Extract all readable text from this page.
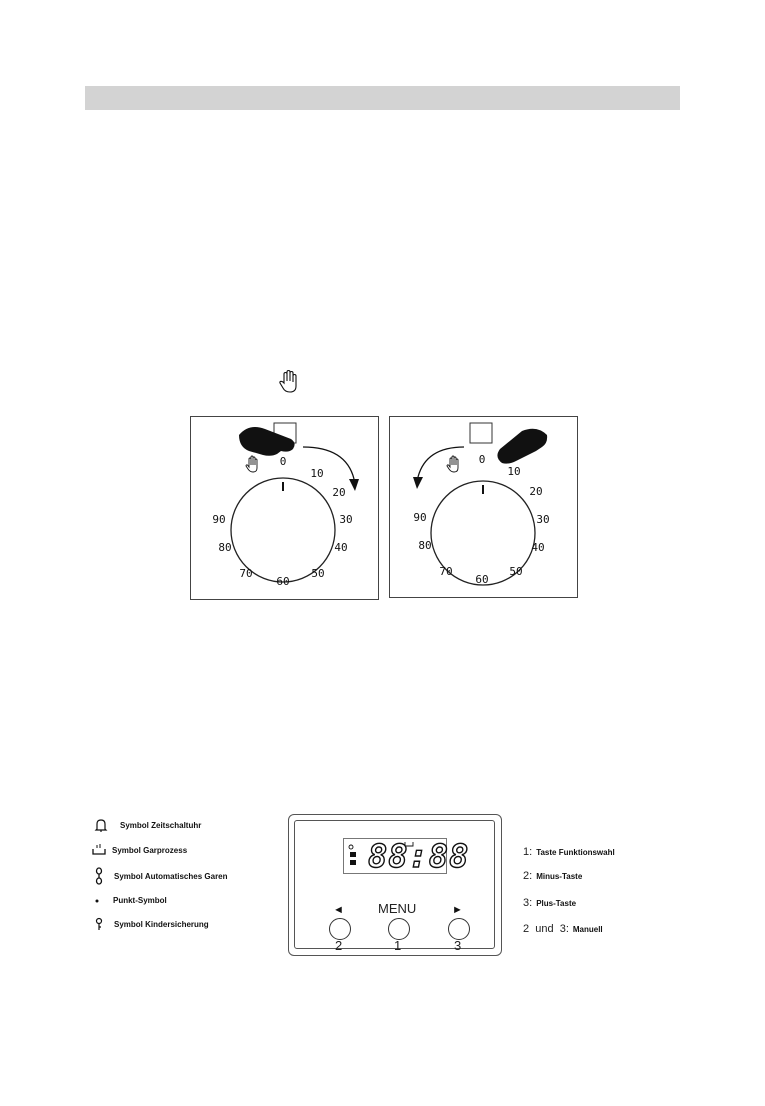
0
10
20
30
40
50
60
70
80
90
0
10
20
30
40
50
60
70
80
90
Symbol Zeitschaltuhr
Symbol Garprozess
Symbol Automatisches Garen
Punkt-Symbol
Symbol Kindersicherung
88:88
◄	MENU	►
2	1	3
1: Taste Funktionswahl
2: Minus-Taste
3: Plus-Taste
2  und  3: Manuell
